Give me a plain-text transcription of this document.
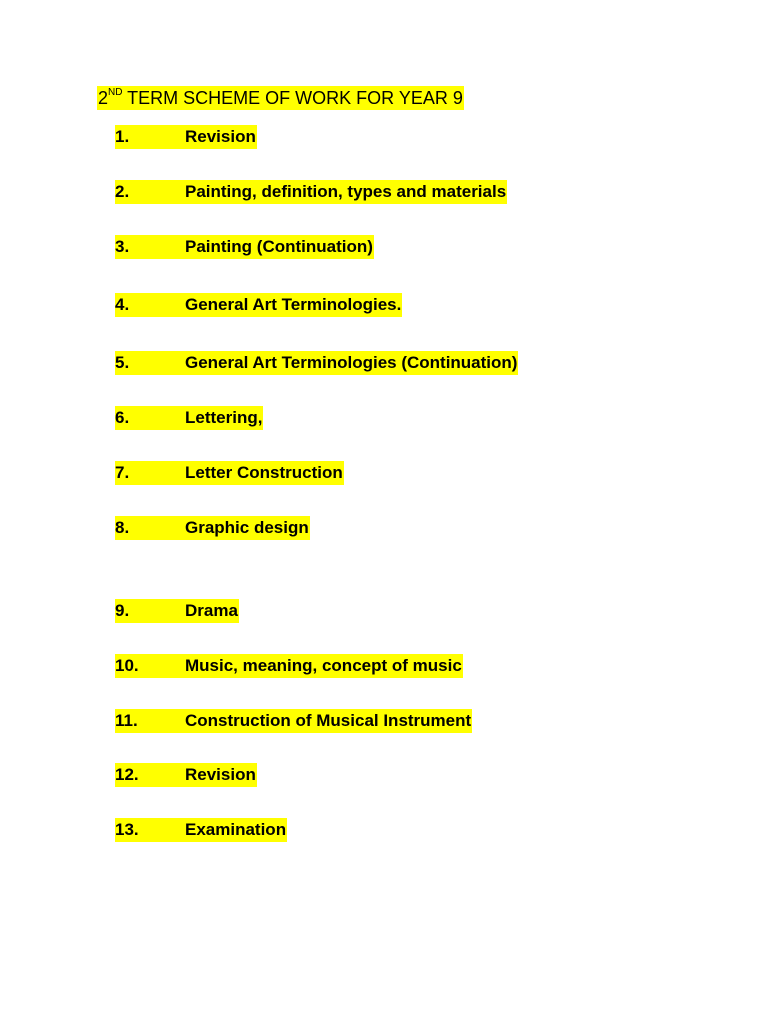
2ND TERM SCHEME OF WORK FOR YEAR 9
1.	Revision
2.	Painting, definition, types and materials
3.	Painting (Continuation)
4.	General Art Terminologies.
5.	General Art Terminologies (Continuation)
6.	Lettering,
7.	Letter Construction
8.	Graphic design
9.	Drama
10.	Music, meaning, concept of music
11.	Construction of Musical Instrument
12.	Revision
13.	Examination
